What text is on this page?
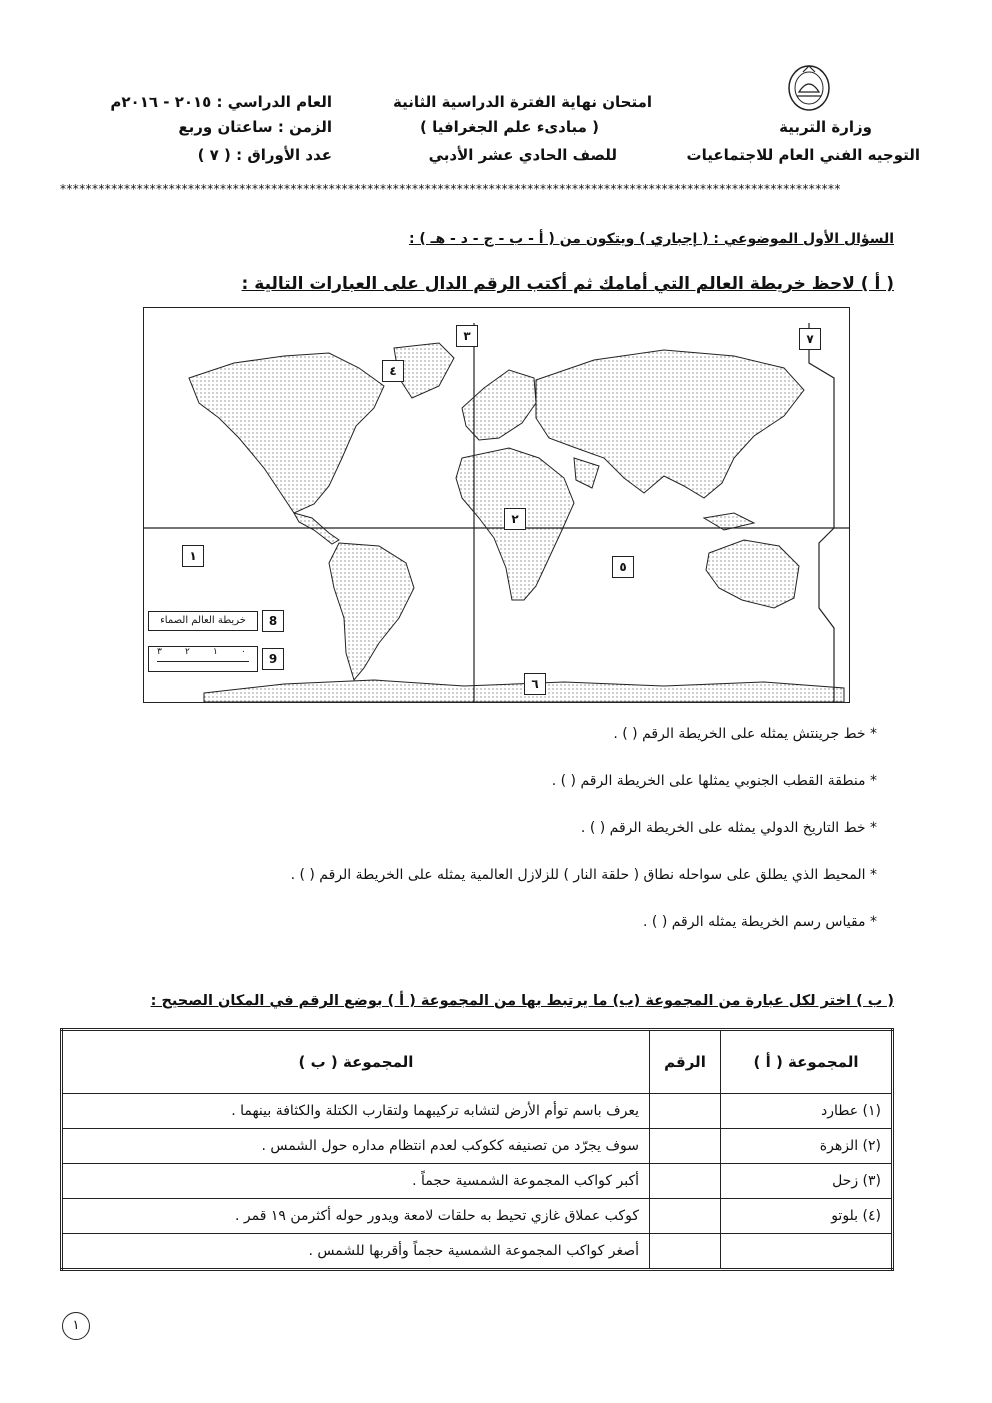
وزارة التربية
التوجيه الفني العام للاجتماعيات
امتحان نهاية الفترة الدراسية الثانية
( مبادىء علم الجغرافيا )
للصف الحادي عشر الأدبي
العام الدراسي : ٢٠١٥ - ٢٠١٦م
الزمن : ساعتان وربع
عدد الأوراق : ( ٧ )
**************************************************************************************************************************
السؤال الأول الموضوعي : ( إجباري ) ويتكون من ( أ - ب - ج - د - هـ ) :
( أ ) لاحظ خريطة العالم التي أمامك ثم أكتب الرقم الدال على العبارات التالية :
١
٢
٣
٤
٥
٦
٧
8
خريطة العالم الصماء
9
٣	٢	١	٠
* خط جرينتش يمثله على الخريطة الرقم ( ) .
* منطقة القطب الجنوبي يمثلها على الخريطة الرقم ( ) .
* خط التاريخ الدولي يمثله على الخريطة الرقم ( ) .
* المحيط الذي يطلق على سواحله نطاق ( حلقة النار ) للزلازل العالمية يمثله على الخريطة الرقم ( ) .
* مقياس رسم الخريطة يمثله الرقم ( ) .
( ب ) اختر لكل عبارة من المجموعة (ب) ما يرتبط بها من المجموعة ( أ ) بوضع الرقم في المكان الصحيح :
المجموعة ( أ )	الرقم	المجموعة ( ب )
(١) عطارد		يعرف باسم توأم الأرض لتشابه تركيبهما ولتقارب الكتلة والكثافة بينهما .
(٢) الزهرة		سوف يجرّد من تصنيفه ككوكب لعدم انتظام مداره حول الشمس .
(٣) زحل		أكبر كواكب المجموعة الشمسية حجماً .
(٤) بلوتو		كوكب عملاق غازي تحيط به حلقات لامعة ويدور حوله أكثرمن ١٩ قمر .
		أصغر كواكب المجموعة الشمسية حجماً وأقربها للشمس .
١
